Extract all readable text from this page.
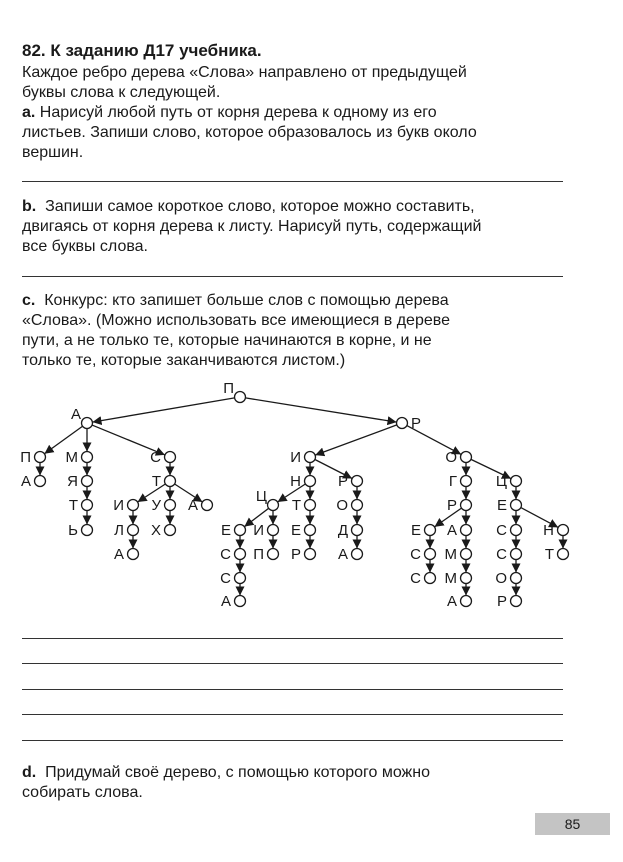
82. К заданию Д17 учебника.
Каждое ребро дерева «Слова» направлено от предыдущей
буквы слова к следующей.
a. Нарисуй любой путь от корня дерева к одному из его
листьев. Запиши слово, которое образовалось из букв около
вершин.
b. Запиши самое короткое слово, которое можно составить,
двигаясь от корня дерева к листу. Нарисуй путь, содержащий
все буквы слова.
c. Конкурс: кто запишет больше слов с помощью дерева
«Слова». (Можно использовать все имеющиеся в дереве
пути, а не только те, которые начинаются в корне, и не
только те, которые заканчиваются листом.)
П
А
Р
П
А
М
Я
Т
Ь
С
Т
И
Л
А
У
Х
А
И
Н
Ц
Е
С
С
А
И
П
Т
Е
Р
Р
О
Д
А
О
Г
Р
Е
С
С
А
М
М
А
Ц
Е
С
С
О
Р
Н
Т
d. Придумай своё дерево, с помощью которого можно
собирать слова.
85
